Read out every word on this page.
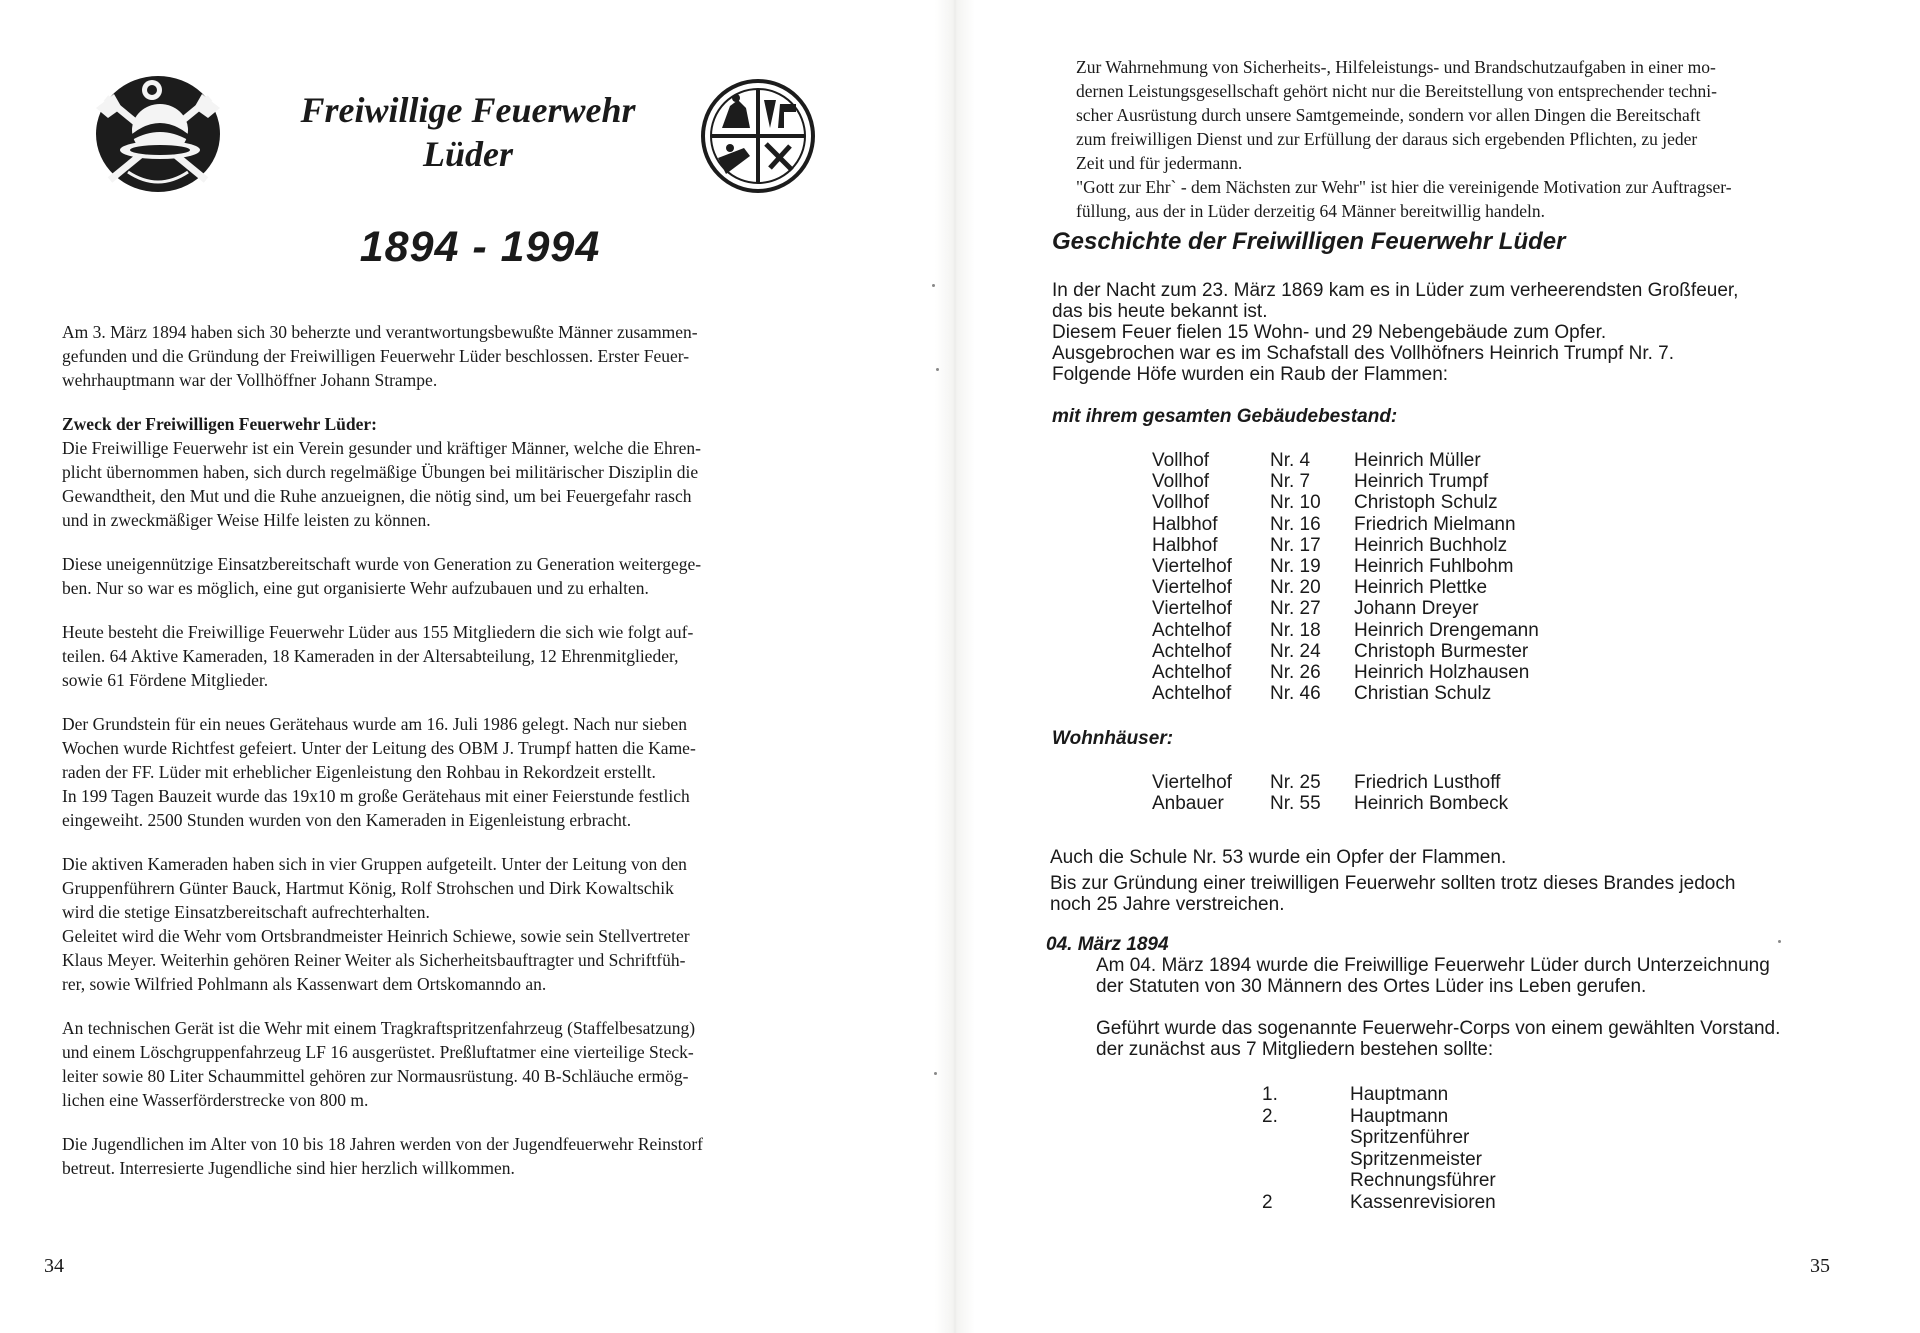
Freiwillige Feuerwehr
Lüder
1894 - 1994

Am 3. März 1894 haben sich 30 beherzte und verantwortungsbewußte Männer zusammen-
gefunden und die Gründung der Freiwilligen Feuerwehr Lüder beschlossen. Erster Feuer-
wehrhauptmann war der Vollhöffner Johann Strampe.

Zweck der Freiwilligen Feuerwehr Lüder:
Die Freiwillige Feuerwehr ist ein Verein gesunder und kräftiger Männer, welche die Ehren-
plicht übernommen haben, sich durch regelmäßige Übungen bei militärischer Disziplin die
Gewandtheit, den Mut und die Ruhe anzueignen, die nötig sind, um bei Feuergefahr rasch
und in zweckmäßiger Weise Hilfe leisten zu können.

Diese uneigennützige Einsatzbereitschaft wurde von Generation zu Generation weitergege-
ben. Nur so war es möglich, eine gut organisierte Wehr aufzubauen und zu erhalten.

Heute besteht die Freiwillige Feuerwehr Lüder aus 155 Mitgliedern die sich wie folgt auf-
teilen. 64 Aktive Kameraden, 18 Kameraden in der Altersabteilung, 12 Ehrenmitglieder,
sowie 61 Fördene Mitglieder.

Der Grundstein für ein neues Gerätehaus wurde am 16. Juli 1986 gelegt. Nach nur sieben
Wochen wurde Richtfest gefeiert. Unter der Leitung des OBM J. Trumpf hatten die Kame-
raden der FF. Lüder mit erheblicher Eigenleistung den Rohbau in Rekordzeit erstellt.
In 199 Tagen Bauzeit wurde das 19x10 m große Gerätehaus mit einer Feierstunde festlich
eingeweiht. 2500 Stunden wurden von den Kameraden in Eigenleistung erbracht.

Die aktiven Kameraden haben sich in vier Gruppen aufgeteilt. Unter der Leitung von den
Gruppenführern Günter Bauck, Hartmut König, Rolf Strohschen und Dirk Kowaltschik
wird die stetige Einsatzbereitschaft aufrechterhalten.
Geleitet wird die Wehr vom Ortsbrandmeister Heinrich Schiewe, sowie sein Stellvertreter
Klaus Meyer. Weiterhin gehören Reiner Weiter als Sicherheitsbauftragter und Schriftfüh-
rer, sowie Wilfried Pohlmann als Kassenwart dem Ortskomanndo an.

An technischen Gerät ist die Wehr mit einem Tragkraftspritzenfahrzeug (Staffelbesatzung)
und einem Löschgruppenfahrzeug LF 16 ausgerüstet. Preßluftatmer eine vierteilige Steck-
leiter sowie 80 Liter Schaummittel gehören zur Normausrüstung. 40 B-Schläuche ermög-
lichen eine Wasserförderstrecke von 800 m.

Die Jugendlichen im Alter von 10 bis 18 Jahren werden von der Jugendfeuerwehr Reinstorf
betreut. Interresierte Jugendliche sind hier herzlich willkommen.

34

Zur Wahrnehmung von Sicherheits-, Hilfeleistungs- und Brandschutzaufgaben in einer mo-

dernen Leistungsgesellschaft gehört nicht nur die Bereitstellung von entsprechender techni-

scher Ausrüstung durch unsere Samtgemeinde, sondern vor allen Dingen die Bereitschaft

zum freiwilligen Dienst und zur Erfüllung der daraus sich ergebenden Pflichten, zu jeder

Zeit und für jedermann.

"Gott zur Ehr` - dem Nächsten zur Wehr" ist hier die vereinigende Motivation zur Auftragser-

füllung, aus der in Lüder derzeitig 64 Männer bereitwillig handeln.

Geschichte der Freiwilligen Feuerwehr Lüder
In der Nacht zum 23. März 1869 kam es in Lüder zum verheerendsten Großfeuer,
das bis heute bekannt ist.
Diesem Feuer fielen 15 Wohn- und 29 Nebengebäude zum Opfer.
Ausgebrochen war es im Schafstall des Vollhöfners Heinrich Trumpf Nr. 7.
Folgende Höfe wurden ein Raub der Flammen:
mit ihrem gesamten Gebäudebestand:
Vollhof	Nr. 4	Heinrich Müller
Vollhof	Nr. 7	Heinrich Trumpf
Vollhof	Nr. 10	Christoph Schulz
Halbhof	Nr. 16	Friedrich Mielmann
Halbhof	Nr. 17	Heinrich Buchholz
Viertelhof	Nr. 19	Heinrich Fuhlbohm
Viertelhof	Nr. 20	Heinrich Plettke
Viertelhof	Nr. 27	Johann Dreyer
Achtelhof	Nr. 18	Heinrich Drengemann
Achtelhof	Nr. 24	Christoph Burmester
Achtelhof	Nr. 26	Heinrich Holzhausen
Achtelhof	Nr. 46	Christian Schulz
Wohnhäuser:
Viertelhof	Nr. 25	Friedrich Lusthoff
Anbauer	Nr. 55	Heinrich Bombeck
Auch die Schule Nr. 53 wurde ein Opfer der Flammen.
Bis zur Gründung einer treiwilligen Feuerwehr sollten trotz dieses Brandes jedoch
noch 25 Jahre verstreichen.
04. März 1894
Am 04. März 1894 wurde die Freiwillige Feuerwehr Lüder durch Unterzeichnung
der Statuten von 30 Männern des Ortes Lüder ins Leben gerufen.
Geführt wurde das sogenannte Feuerwehr-Corps von einem gewählten Vorstand.
der zunächst aus 7 Mitgliedern bestehen sollte:
1.	Hauptmann
2.	Hauptmann
	Spritzenführer
	Spritzenmeister
	Rechnungsführer
2	Kassenrevisioren
35
